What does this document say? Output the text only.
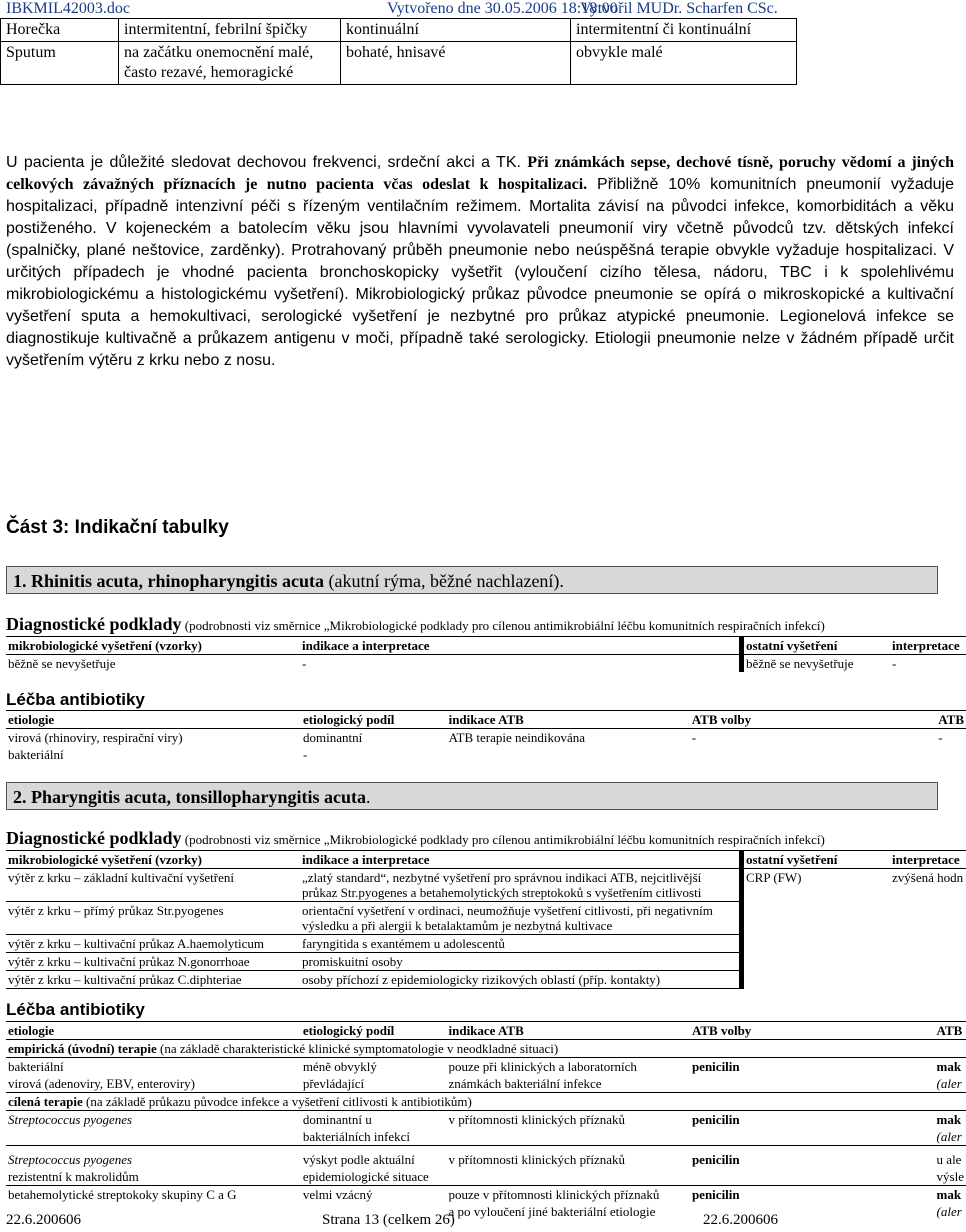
IBKMIL42003.doc	Vytvořeno dne 30.05.2006 18:18:00
Vytvořil MUDr. Scharfen CSc.
Horečka	intermitentní, febrilní špičky	kontinuální	intermitentní či kontinuální
Sputum	na začátku onemocnění malé, často rezavé, hemoragické	bohaté, hnisavé	obvykle malé
U pacienta je důležité sledovat dechovou frekvenci, srdeční akci a TK. Při známkách sepse, dechové tísně, poruchy vědomí a jiných celkových závažných příznacích je nutno pacienta včas odeslat k hospitalizaci. Přibližně 10% komunitních pneumonií vyžaduje hospitalizaci, případně intenzivní péči s řízeným ventilačním režimem. Mortalita závisí na původci infekce, komorbiditách a věku postiženého. V kojeneckém a batolecím věku jsou hlavními vyvolavateli pneumonií viry včetně původců tzv. dětských infekcí (spalničky, plané neštovice, zarděnky). Protrahovaný průběh pneumonie nebo neúspěšná terapie obvykle vyžaduje hospitalizaci. V určitých případech je vhodné pacienta bronchoskopicky vyšetřit (vyloučení cizího tělesa, nádoru, TBC i k spolehlivému mikrobiologickému a histologickému vyšetření). Mikrobiologický průkaz původce pneumonie se opírá o mikroskopické a kultivační vyšetření sputa a hemokultivaci, serologické vyšetření je nezbytné pro průkaz atypické pneumonie. Legionelová infekce se diagnostikuje kultivačně a průkazem antigenu v moči, případně také serologicky. Etiologii pneumonie nelze v žádném případě určit vyšetřením výtěru z krku nebo z nosu.
Část 3: Indikační tabulky
1. Rhinitis acuta, rhinopharyngitis acuta (akutní rýma, běžné nachlazení).
Diagnostické podklady (podrobnosti viz směrnice „Mikrobiologické podklady pro cílenou antimikrobiální léčbu komunitních respiračních infekcí)
mikrobiologické vyšetření (vzorky)	indikace a interpretace	ostatní vyšetření	interpretace
běžně se nevyšetřuje	-	běžně se nevyšetřuje	-
Léčba antibiotiky
etiologie	etiologický podíl	indikace ATB	ATB volby	ATB
virová (rhinoviry, respirační viry)	dominantní	ATB terapie neindikována	-	-
bakteriální	-			
2. Pharyngitis acuta, tonsillopharyngitis acuta.
Diagnostické podklady (podrobnosti viz směrnice „Mikrobiologické podklady pro cílenou antimikrobiální léčbu komunitních respiračních infekcí)
mikrobiologické vyšetření (vzorky)	indikace a interpretace	ostatní vyšetření	interpretace
výtěr z krku – základní kultivační vyšetření	„zlatý standard“, nezbytné vyšetření pro správnou indikaci ATB, nejcitlivější průkaz Str.pyogenes a betahemolytických streptokoků s vyšetřením citlivosti	CRP (FW)	zvýšená hodn
výtěr z krku – přímý průkaz Str.pyogenes	orientační vyšetření v ordinaci, neumožňuje vyšetření citlivosti, při negativním výsledku a při alergii k betalaktamům je nezbytná kultivace		
výtěr z krku – kultivační průkaz A.haemolyticum	faryngitida s exantémem u adolescentů		
výtěr z krku – kultivační průkaz N.gonorrhoae	promiskuitní osoby		
výtěr z krku – kultivační průkaz C.diphteriae	osoby příchozí z epidemiologicky rizikových oblastí (příp. kontakty)		
Léčba antibiotiky
etiologie	etiologický podíl	indikace ATB	ATB volby	ATB
empirická (úvodní) terapie (na základě charakteristické klinické symptomatologie v neodkladné situaci)				
bakteriální	méně obvyklý	pouze při klinických a laboratorních	penicilin	mak
virová (adenoviry, EBV, enteroviry)	převládající	známkách bakteriální infekce		(aler
cílená terapie (na základě průkazu původce infekce a vyšetření citlivosti k antibiotikům)				
Streptococcus pyogenes	dominantní u	v přítomnosti klinických příznaků	penicilin	mak
	bakteriálních infekcí			(aler
Streptococcus pyogenes	výskyt podle aktuální	v přítomnosti klinických příznaků	penicilin	u ale
rezistentní k makrolidům	epidemiologické situace			výsle
betahemolytické streptokoky skupiny C a G	velmi vzácný	pouze v přítomnosti klinických příznaků	penicilin	mak
		a po vyloučení jiné bakteriální etiologie		(aler
22.6.200606	Strana 13 (celkem 26)	22.6.200606
